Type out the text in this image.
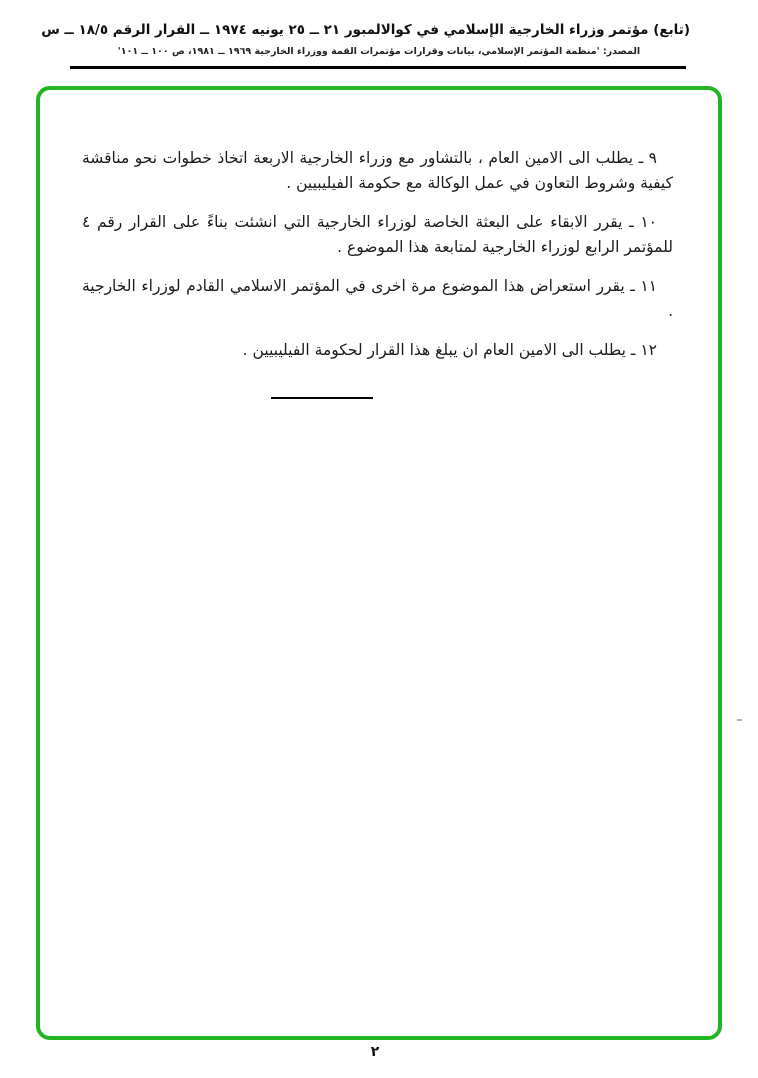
(تابع) مؤتمر وزراء الخارجية الإسلامي في كوالالمبور ٢١ ــ ٢٥ يونيه ١٩٧٤ ــ القرار الرقم ١٨/٥ ــ س
المصدر: 'منظمة المؤتمر الإسلامي، بيانات وقرارات مؤتمرات القمة ووزراء الخارجية ١٩٦٩ ــ ١٩٨١، ص ١٠٠ ــ ١٠١'

٩ ـ يطلب الى الامين العام ، بالتشاور مع وزراء الخارجية الاربعة اتخاذ خطوات نحو مناقشة كيفية وشروط التعاون في عمل الوكالة مع حكومة الفيليبيين .

١٠ ـ يقرر الابقاء على البعثة الخاصة لوزراء الخارجية التي انشئت بناءً على القرار رقم ٤ للمؤتمر الرابع لوزراء الخارجية لمتابعة هذا الموضوع .

١١ ـ يقرر استعراض هذا الموضوع مرة اخرى في المؤتمر الاسلامي القادم لوزراء الخارجية .

١٢ ـ يطلب الى الامين العام ان يبلغ هذا القرار لحكومة الفيليبيين .

٢
